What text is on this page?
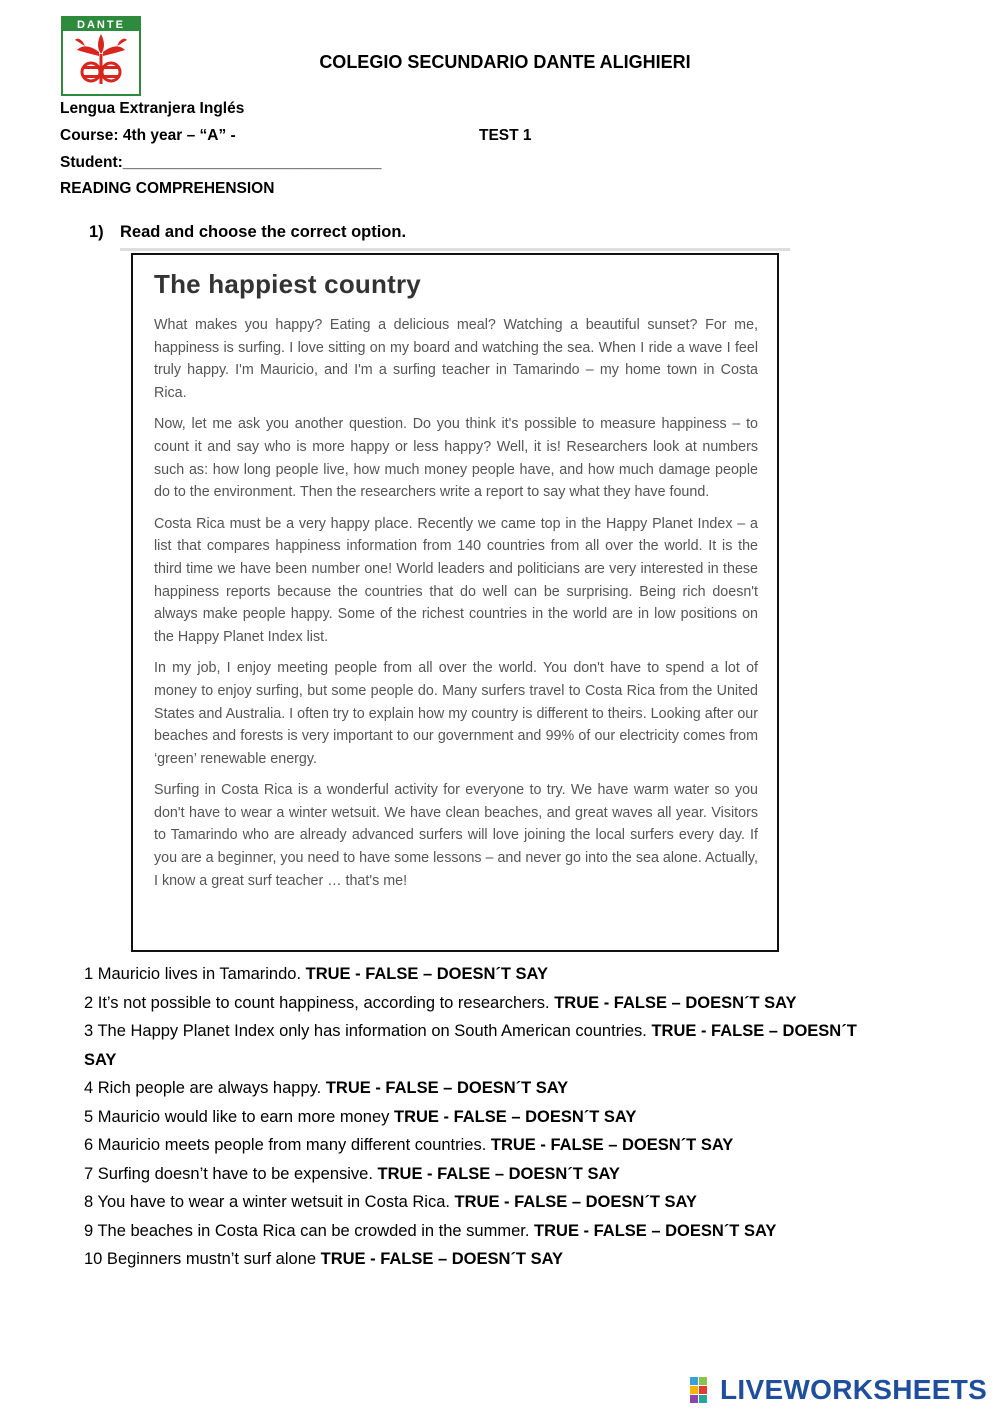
DANTE
COLEGIO SECUNDARIO DANTE ALIGHIERI
Lengua Extranjera Inglés
Course: 4th year – “A” -	TEST 1
Student:______________________________
READING COMPREHENSION
1) Read and choose the correct option.
The happiest country

What makes you happy? Eating a delicious meal? Watching a beautiful sunset? For me, happiness is surfing. I love sitting on my board and watching the sea. When I ride a wave I feel truly happy. I'm Mauricio, and I'm a surfing teacher in Tamarindo – my home town in Costa Rica.

Now, let me ask you another question. Do you think it's possible to measure happiness – to count it and say who is more happy or less happy? Well, it is! Researchers look at numbers such as: how long people live, how much money people have, and how much damage people do to the environment. Then the researchers write a report to say what they have found.

Costa Rica must be a very happy place. Recently we came top in the Happy Planet Index – a list that compares happiness information from 140 countries from all over the world. It is the third time we have been number one! World leaders and politicians are very interested in these happiness reports because the countries that do well can be surprising. Being rich doesn't always make people happy. Some of the richest countries in the world are in low positions on the Happy Planet Index list.

In my job, I enjoy meeting people from all over the world. You don't have to spend a lot of money to enjoy surfing, but some people do. Many surfers travel to Costa Rica from the United States and Australia. I often try to explain how my country is different to theirs. Looking after our beaches and forests is very important to our government and 99% of our electricity comes from ‘green’ renewable energy.

Surfing in Costa Rica is a wonderful activity for everyone to try. We have warm water so you don't have to wear a winter wetsuit. We have clean beaches, and great waves all year. Visitors to Tamarindo who are already advanced surfers will love joining the local surfers every day. If you are a beginner, you need to have some lessons – and never go into the sea alone. Actually, I know a great surf teacher … that's me!

1 Mauricio lives in Tamarindo. TRUE - FALSE – DOESN´T SAY
2 It’s not possible to count happiness, according to researchers. TRUE - FALSE – DOESN´T SAY
3 The Happy Planet Index only has information on South American countries. TRUE - FALSE – DOESN´T SAY
4 Rich people are always happy. TRUE - FALSE – DOESN´T SAY
5 Mauricio would like to earn more money TRUE - FALSE – DOESN´T SAY
6 Mauricio meets people from many different countries. TRUE - FALSE – DOESN´T SAY
7 Surfing doesn’t have to be expensive. TRUE - FALSE – DOESN´T SAY
8 You have to wear a winter wetsuit in Costa Rica. TRUE - FALSE – DOESN´T SAY
9 The beaches in Costa Rica can be crowded in the summer. TRUE - FALSE – DOESN´T SAY
10 Beginners mustn’t surf alone TRUE - FALSE – DOESN´T SAY
LIVEWORKSHEETS
